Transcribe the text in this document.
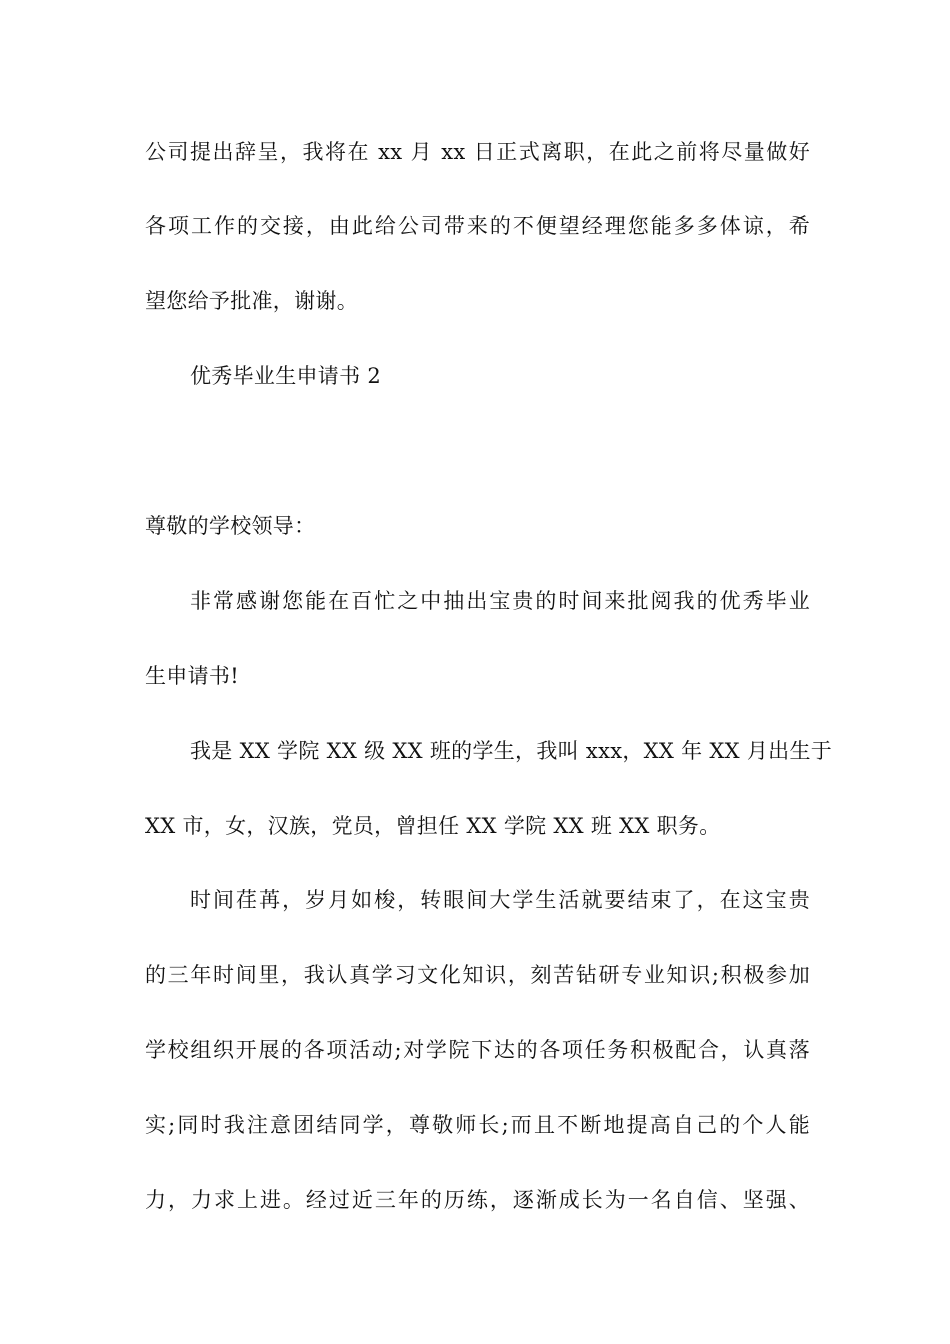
公司提出辞呈，我将在 xx 月 xx 日正式离职，在此之前将尽量做好
各项工作的交接，由此给公司带来的不便望经理您能多多体谅，希
望您给予批准，谢谢。
优秀毕业生申请书 2
尊敬的学校领导：
非常感谢您能在百忙之中抽出宝贵的时间来批阅我的优秀毕业
生申请书!
我是 XX 学院 XX 级 XX 班的学生，我叫 xxx，XX 年 XX 月出生于
XX 市，女，汉族，党员，曾担任 XX 学院 XX 班 XX 职务。
时间荏苒，岁月如梭，转眼间大学生活就要结束了，在这宝贵
的三年时间里，我认真学习文化知识，刻苦钻研专业知识;积极参加
学校组织开展的各项活动;对学院下达的各项任务积极配合，认真落
实;同时我注意团结同学，尊敬师长;而且不断地提高自己的个人能
力，力求上进。经过近三年的历练，逐渐成长为一名自信、坚强、
